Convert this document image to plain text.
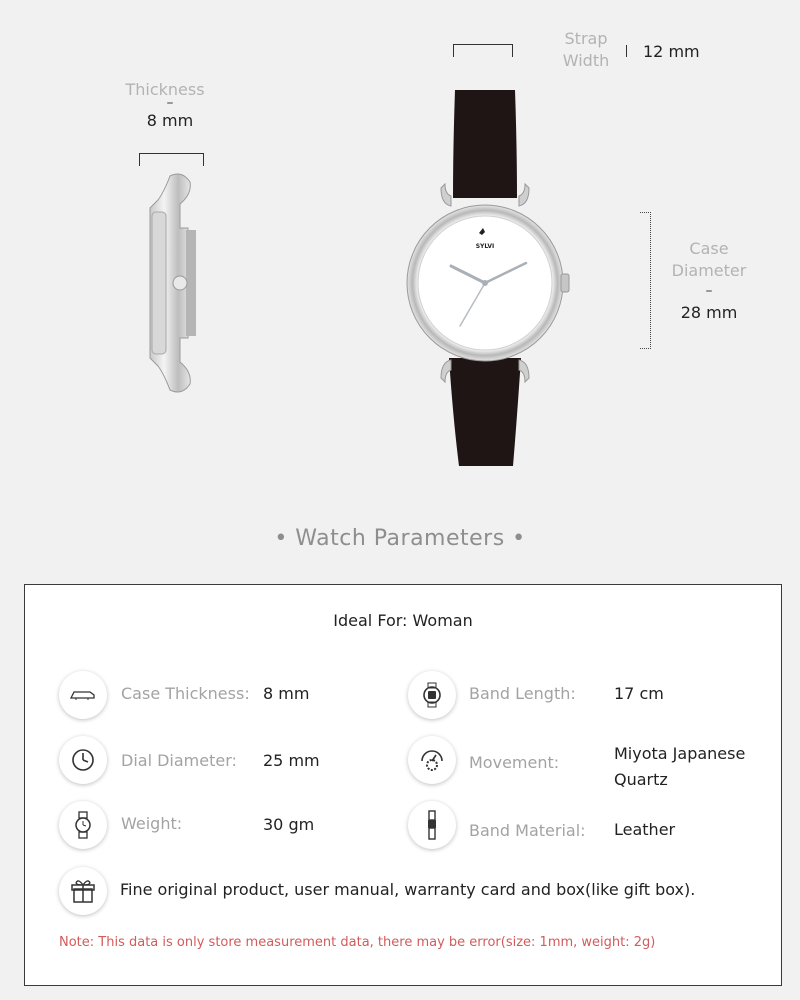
Strap
Width	12 mm
Thickness
–
8 mm
Case
Diameter
–
28 mm
SYLVI
• Watch Parameters •
Ideal For: Woman
Case Thickness: 8 mm	Band Length: 17 cm
Dial Diameter: 25 mm	Movement:	Miyota Japanese
Quartz
Weight:	30 gm	Band Material: Leather
Fine original product, user manual, warranty card and box(like gift box).
Note: This data is only store measurement data, there may be error(size: 1mm, weight: 2g)
